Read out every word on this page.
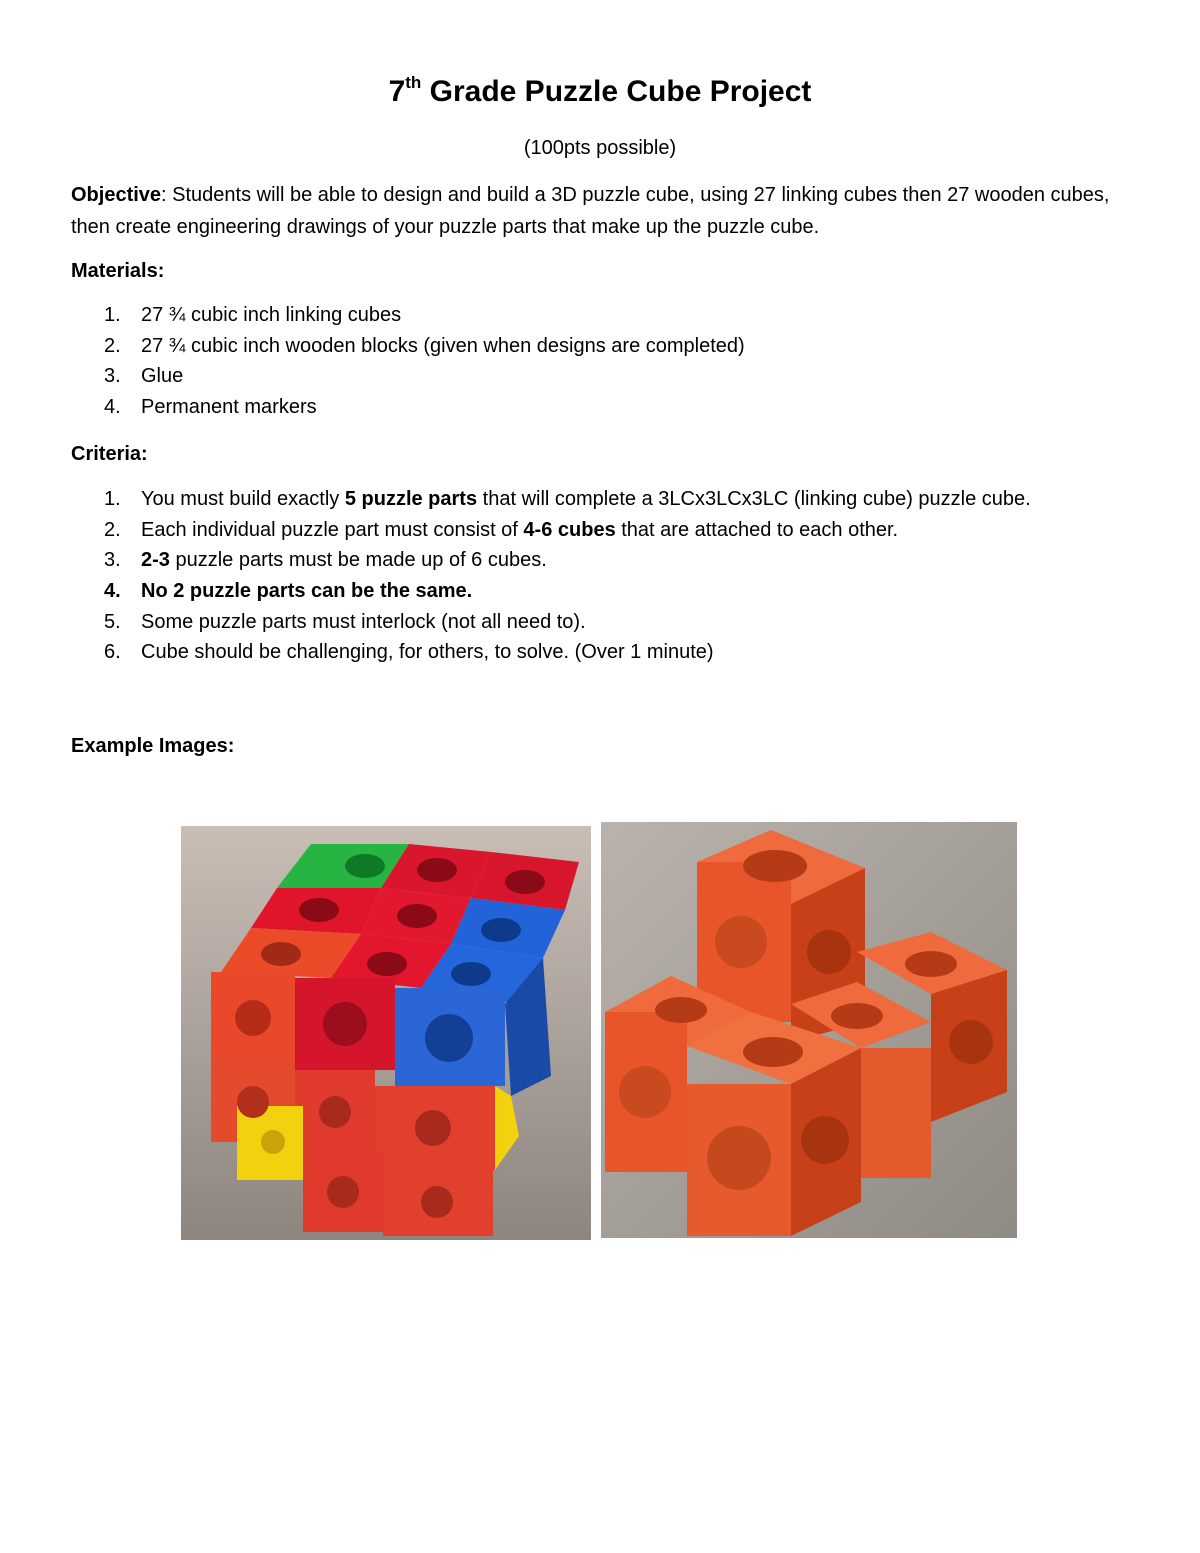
7th Grade Puzzle Cube Project
(100pts possible)
Objective: Students will be able to design and build a 3D puzzle cube, using 27 linking cubes then 27 wooden cubes, then create engineering drawings of your puzzle parts that make up the puzzle cube.
Materials:
1. 27 ¾ cubic inch linking cubes
2. 27 ¾ cubic inch wooden blocks (given when designs are completed)
3. Glue
4. Permanent markers
Criteria:
1. You must build exactly 5 puzzle parts that will complete a 3LCx3LCx3LC (linking cube) puzzle cube.
2. Each individual puzzle part must consist of 4-6 cubes that are attached to each other.
3. 2-3 puzzle parts must be made up of 6 cubes.
4. No 2 puzzle parts can be the same.
5. Some puzzle parts must interlock (not all need to).
6. Cube should be challenging, for others, to solve. (Over 1 minute)
Example Images:
